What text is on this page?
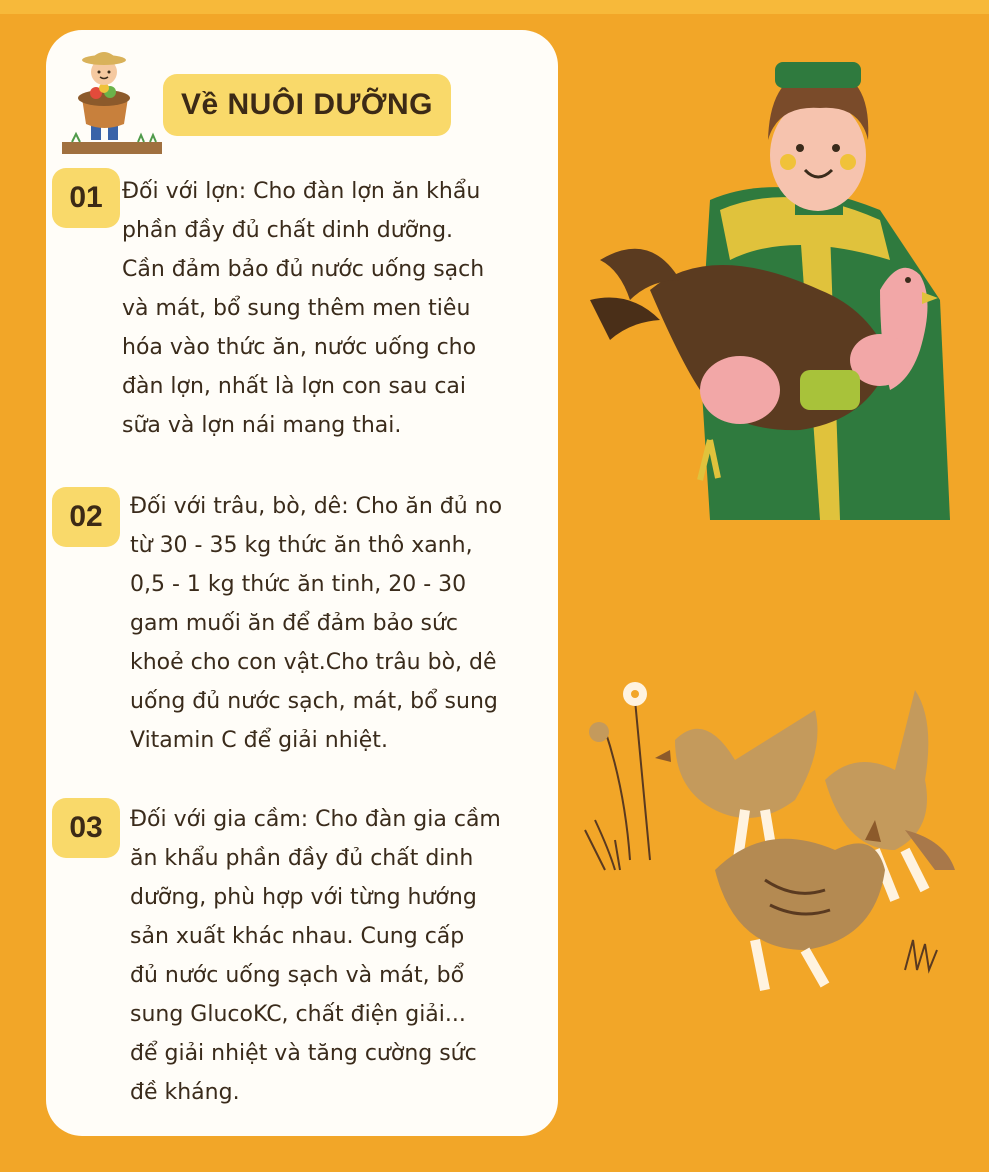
Về NUÔI DƯỠNG
01 Đối với lợn: Cho đàn lợn ăn khẩu
phần đầy đủ chất dinh dưỡng.
Cần đảm bảo đủ nước uống sạch
và mát, bổ sung thêm men tiêu
hóa vào thức ăn, nước uống cho
đàn lợn, nhất là lợn con sau cai
sữa và lợn nái mang thai.

02 Đối với trâu, bò, dê: Cho ăn đủ no
từ 30 - 35 kg thức ăn thô xanh,
0,5 - 1 kg thức ăn tinh, 20 - 30
gam muối ăn để đảm bảo sức
khoẻ cho con vật.Cho trâu bò, dê
uống đủ nước sạch, mát, bổ sung
Vitamin C để giải nhiệt.

03 Đối với gia cầm: Cho đàn gia cầm
ăn khẩu phần đầy đủ chất dinh
dưỡng, phù hợp với từng hướng
sản xuất khác nhau. Cung cấp
đủ nước uống sạch và mát, bổ
sung GlucoKC, chất điện giải...
để giải nhiệt và tăng cường sức
đề kháng.
